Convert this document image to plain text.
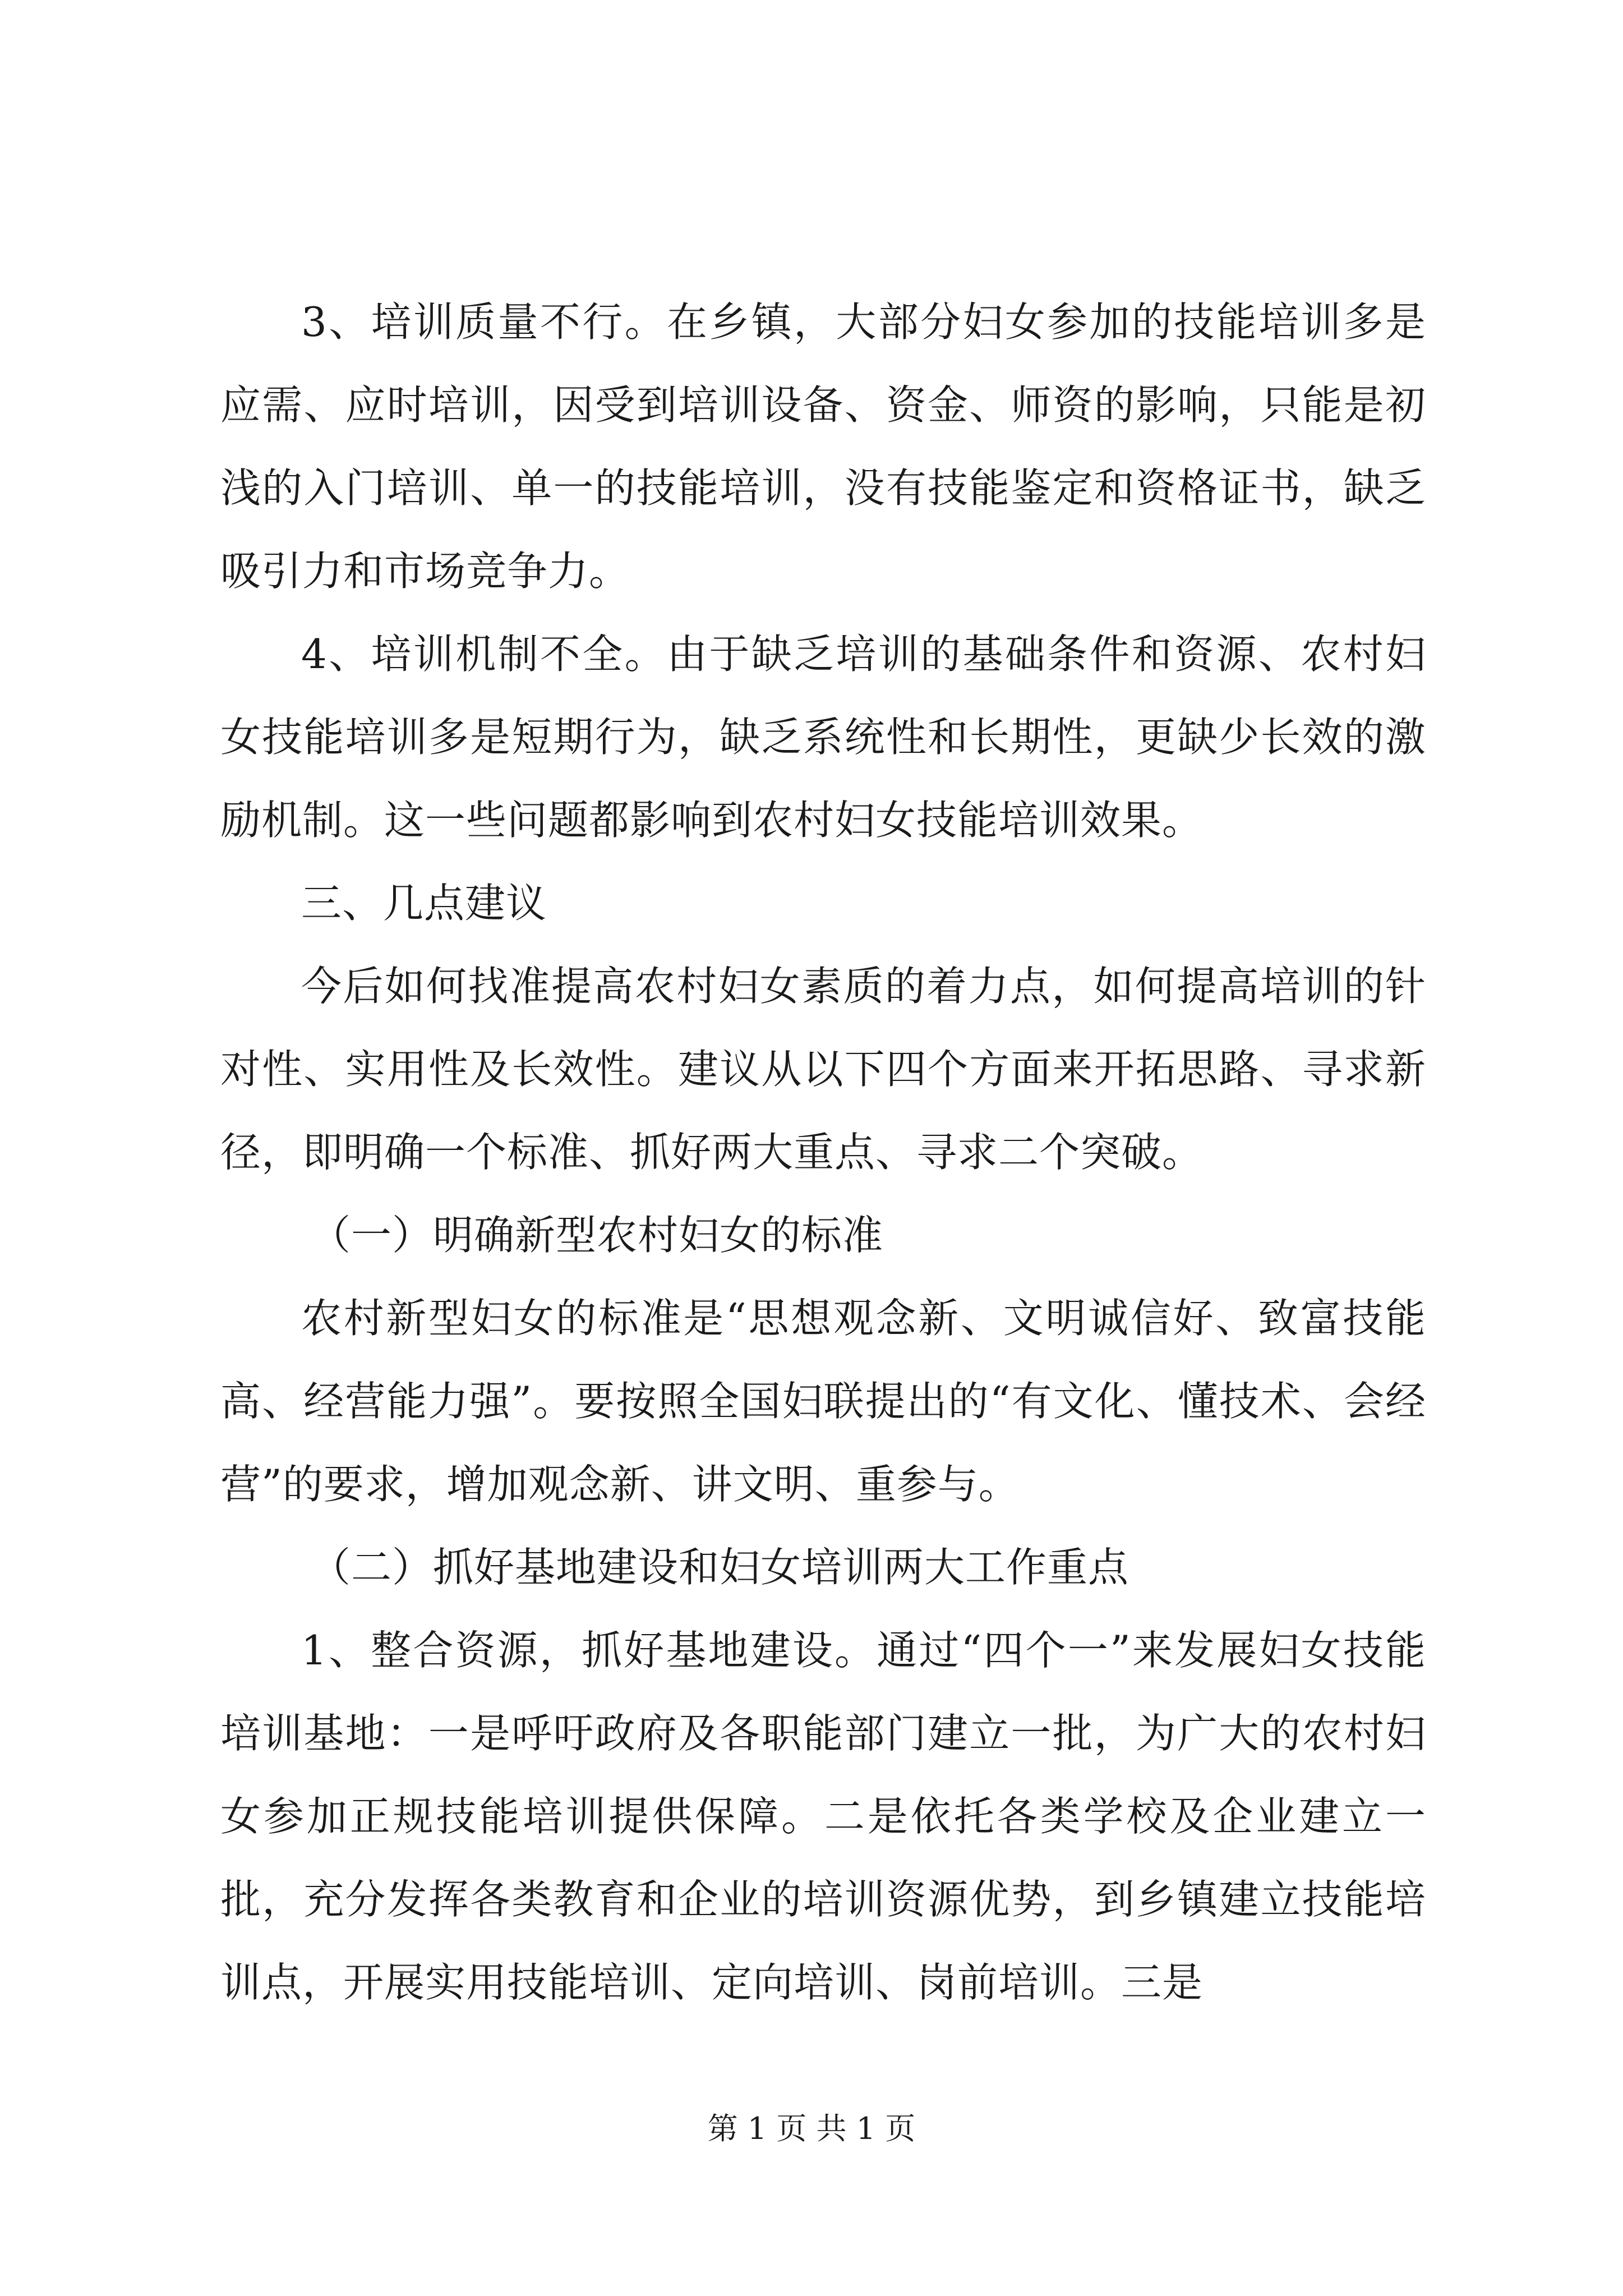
3、培训质量不行。在乡镇，大部分妇女参加的技能培训多是应需、应时培训，因受到培训设备、资金、师资的影响，只能是初浅的入门培训、单一的技能培训，没有技能鉴定和资格证书，缺乏吸引力和市场竞争力。

4、培训机制不全。由于缺乏培训的基础条件和资源、农村妇女技能培训多是短期行为，缺乏系统性和长期性，更缺少长效的激励机制。这一些问题都影响到农村妇女技能培训效果。

三、几点建议

今后如何找准提高农村妇女素质的着力点，如何提高培训的针对性、实用性及长效性。建议从以下四个方面来开拓思路、寻求新径，即明确一个标准、抓好两大重点、寻求二个突破。

（一）明确新型农村妇女的标准

农村新型妇女的标准是“思想观念新、文明诚信好、致富技能高、经营能力强”。要按照全国妇联提出的“有文化、懂技术、会经营”的要求，增加观念新、讲文明、重参与。

（二）抓好基地建设和妇女培训两大工作重点

1、整合资源，抓好基地建设。通过“四个一”来发展妇女技能培训基地：一是呼吁政府及各职能部门建立一批，为广大的农村妇女参加正规技能培训提供保障。二是依托各类学校及企业建立一批，充分发挥各类教育和企业的培训资源优势，到乡镇建立技能培训点，开展实用技能培训、定向培训、岗前培训。三是

第 1 页 共 1 页
